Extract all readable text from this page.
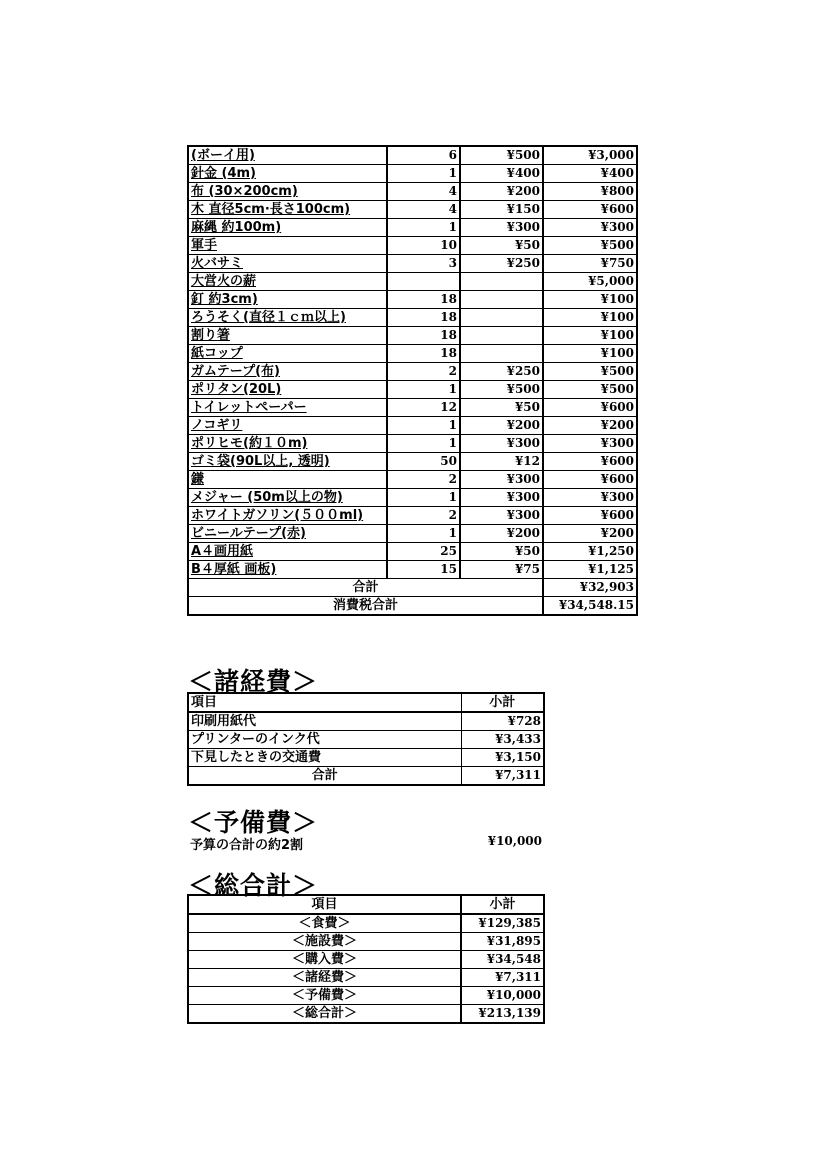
(ボーイ用)	6	¥500	¥3,000
針金 (4m)	1	¥400	¥400
布 (30×200cm)	4	¥200	¥800
木 直径5cm·長さ100cm)	4	¥150	¥600
麻縄 約100m)	1	¥300	¥300
軍手	10	¥50	¥500
火バサミ	3	¥250	¥750
大営火の薪			¥5,000
釘 約3cm)	18		¥100
ろうそく(直径１ｃｍ以上)	18		¥100
割り箸	18		¥100
紙コップ	18		¥100
ガムテープ(布)	2	¥250	¥500
ポリタン(20L)	1	¥500	¥500
トイレットペーパー	12	¥50	¥600
ノコギリ	1	¥200	¥200
ポリヒモ(約１０m)	1	¥300	¥300
ゴミ袋(90L以上, 透明)	50	¥12	¥600
鎌	2	¥300	¥600
メジャー (50m以上の物)	1	¥300	¥300
ホワイトガソリン(５００ml)	2	¥300	¥600
ビニールテープ(赤)	1	¥200	¥200
A４画用紙	25	¥50	¥1,250
B４厚紙 画板)	15	¥75	¥1,125
合計			¥32,903
消費税合計			¥34,548.15
＜諸経費＞
項目	小計
印刷用紙代	¥728
プリンターのインク代	¥3,433
下見したときの交通費	¥3,150
合計	¥7,311
＜予備費＞
予算の合計の約2割	¥10,000
＜総合計＞
項目	小計
＜食費＞	¥129,385
＜施設費＞	¥31,895
＜購入費＞	¥34,548
＜諸経費＞	¥7,311
＜予備費＞	¥10,000
＜総合計＞	¥213,139
